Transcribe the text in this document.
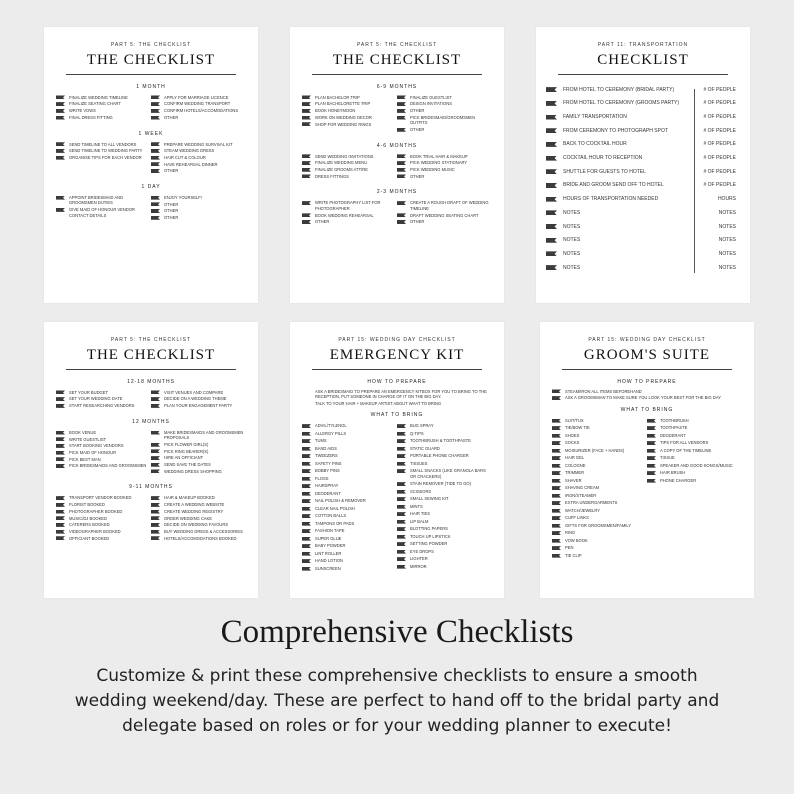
PART 5: THE CHECKLIST
THE CHECKLIST
1 MONTH
FINALIZE WEDDING TIMELINE
FINALIZE SEATING CHART
WRITE VOWS
FINAL DRESS FITTING
APPLY FOR MARRIAGE LICENCE
CONFIRM WEDDING TRANSPORT
CONFIRM HOTELS/ACCOMODATIONS
OTHER
1 WEEK
SEND TIMELINE TO ALL VENDORS
SEND TIMELINE TO WEDDING PARTY
ORGANISE TIPS FOR EACH VENDOR
PREPARE WEDDING SURVIVAL KIT
STEAM WEDDING DRESS
HAIR CUT & COLOUR
HAVE REHEARSAL DINNER
OTHER
1 DAY
APPOINT BRIDESMAID AND GROOMSMEN DUTIES
GIVE MAID OF HONOUR VENDOR CONTACT DETAILS
ENJOY YOURSELF!
OTHER
OTHER
OTHER
PART 5: THE CHECKLIST
THE CHECKLIST
6-9 MONTHS
PLAN BACHELOR TRIP
PLAN BACHELORETTE TRIP
BOOK HONEYMOON
WORK ON WEDDING DECOR
SHOP FOR WEDDING RINGS
FINALIZE GUESTLIST
DESIGN INVITATIONS
OTHER
PICK BRIDESMAID/GROOMSMEN OUTFITS
OTHER
4-6 MONTHS
SEND WEDDING INVITATIONS
FINALIZE WEDDING MENU
FINALIZE GROOMS ATTIRE
DRESS FITTINGS
BOOK TRIAL HAIR & MAKEUP
PICK WEDDING STATIONARY
PICK WEDDING MUSIC
OTHER
2-3 MONTHS
WRITE PHOTOGRAPHY LIST FOR PHOTOGRAPHER
BOOK WEDDING REHEARSAL
OTHER
CREATE A ROUGH DRAFT OF WEDDING TIMELINE
DRAFT WEDDING SEATING CHART
OTHER
PART 11: TRANSPORTATION
CHECKLIST
FROM HOTEL TO CEREMONY (BRIDAL PARTY)	# OF PEOPLE
FROM HOTEL TO CEREMONY (GROOMS PARTY)	# OF PEOPLE
FAMILY TRANSPORTATION	# OF PEOPLE
FROM CEREMONY TO PHOTOGRAPH SPOT	# OF PEOPLE
BACK TO COCKTAIL HOUR	# OF PEOPLE
COCKTAIL HOUR TO RECEPTION	# OF PEOPLE
SHUTTLE FOR GUESTS TO HOTEL	# OF PEOPLE
BRIDE AND GROOM SEND OFF TO HOTEL	# OF PEOPLE
HOURS OF TRANSPORTATION NEEDED	HOURS
NOTES	NOTES
NOTES	NOTES
NOTES	NOTES
NOTES	NOTES
NOTES	NOTES
PART 5: THE CHECKLIST
THE CHECKLIST
12-18 MONTHS
SET YOUR BUDGET
SET YOUR WEDDING DATE
START RESEARCHING VENDORS
VISIT VENUES AND COMPARE
DECIDE ON A WEDDING THEME
PLAN YOUR ENGAGEMENT PARTY
12 MONTHS
BOOK VENUE
WRITE GUESTLIST
START BOOKING VENDORS
PICK MAID OF HONOUR
PICK BEST MAN
PICK BRIDESMAIDS AND GROOMSMEN
MAKE BRIDESMAIDS AND GROOMSMEN PROPOSALS
PICK FLOWER GIRL(S)
PICK RING BEARER(S)
HIRE AN OFFICIANT
SEND SAVE THE DATES
WEDDING DRESS SHOPPING
9-11 MONTHS
TRANSPORT VENDOR BOOKED
FLORIST BOOKED
PHOTOGRAPHER BOOKED
MUSIC/DJ BOOKED
CATERERS BOOKED
VIDEOGRAPHER BOOKED
OFFICIANT BOOKED
HAIR & MAKEUP BOOKED
CREATE A WEDDING WEBSITE
CREATE WEDDING REGISTRY
ORDER WEDDING CAKE
DECIDE ON WEDDING FAVOURS
BUY WEDDING DRESS & ACCESSORIES
HOTELS/ACCOMODATIONS BOOKED
PART 15: WEDDING DAY CHECKLIST
EMERGENCY KIT
HOW TO PREPARE
ASK A BRIDESMAID TO PREPARE AN EMERGENCY KITBOX FOR YOU TO BRING TO THE RECEPTION, PUT SOMEONE IN CHARGE OF IT ON THE BIG DAY.
TALK TO YOUR HAIR + MAKEUP ARTIST ABOUT WHAT TO BRING
WHAT TO BRING
ADVIL/TYLENOL
ALLERGY PILLS
TUMS
BAND AIDS
TWEEZERS
SAFETY PINS
BOBBY PINS
FLOSS
HAIRSPRAY
DEODERANT
NAIL POLISH & REMOVER
CLEAR NAIL POLISH
COTTON BALLS
TAMPONS OR PADS
FASHION TAPE
SUPER GLUE
BABY POWDER
LINT ROLLER
HAND LOTION
SUNSCREEN
BUG SPRAY
Q-TIPS
TOOTHBRUSH & TOOTHPASTE
STATIC GUARD
PORTABLE PHONE CHARGER
TISSUES
SMALL SNACKS (LIKE GRANOLA BARS OR CRACKERS)
STAIN REMOVER (TIDE TO GO)
SCISSORS
SMALL SEWING KIT
MINTS
HAIR TIES
LIP BALM
BLOTTING PAPERS
TOUCH UP LIPSTICK
SETTING POWDER
EYE DROPS
LIGHTER
MIRROR
PART 15: WEDDING DAY CHECKLIST
GROOM'S SUITE
HOW TO PREPARE
STEAM/IRON ALL ITEMS BEFOREHAND
ASK A GROOMSMAN TO MAKE SURE YOU LOOK YOUR BEST FOR THE BIG DAY
WHAT TO BRING
SUIT/TUX
TIE/BOW TIE
SHOES
SOCKS
MOISURIZER (FACE + HANDS)
HAIR GEL
COLOGNE
TRIMMER
SHAVER
SHAVING CREAM
IRON/STEAMER
EXTRA UNDERGARMENTS
WATCH/JEWELRY
CUFF LINKS
GIFTS FOR GROOMSMEN/FAMILY
RING
VOW BOOK
PEN
TIE CLIP
TOOTHBRUSH
TOOTHPASTE
DEODERANT
TIPS FOR ALL VENDORS
A COPY OF THE TIMELINE
TISSUE
SPEAKER AND GOOD SONGS/MUSIC
HAIR BRUSH
PHONE CHARGER
Comprehensive Checklists
Customize & print these comprehensive checklists to ensure a smooth wedding weekend/day. These are perfect to hand off to the bridal party and delegate based on roles or for your wedding planner to execute!
